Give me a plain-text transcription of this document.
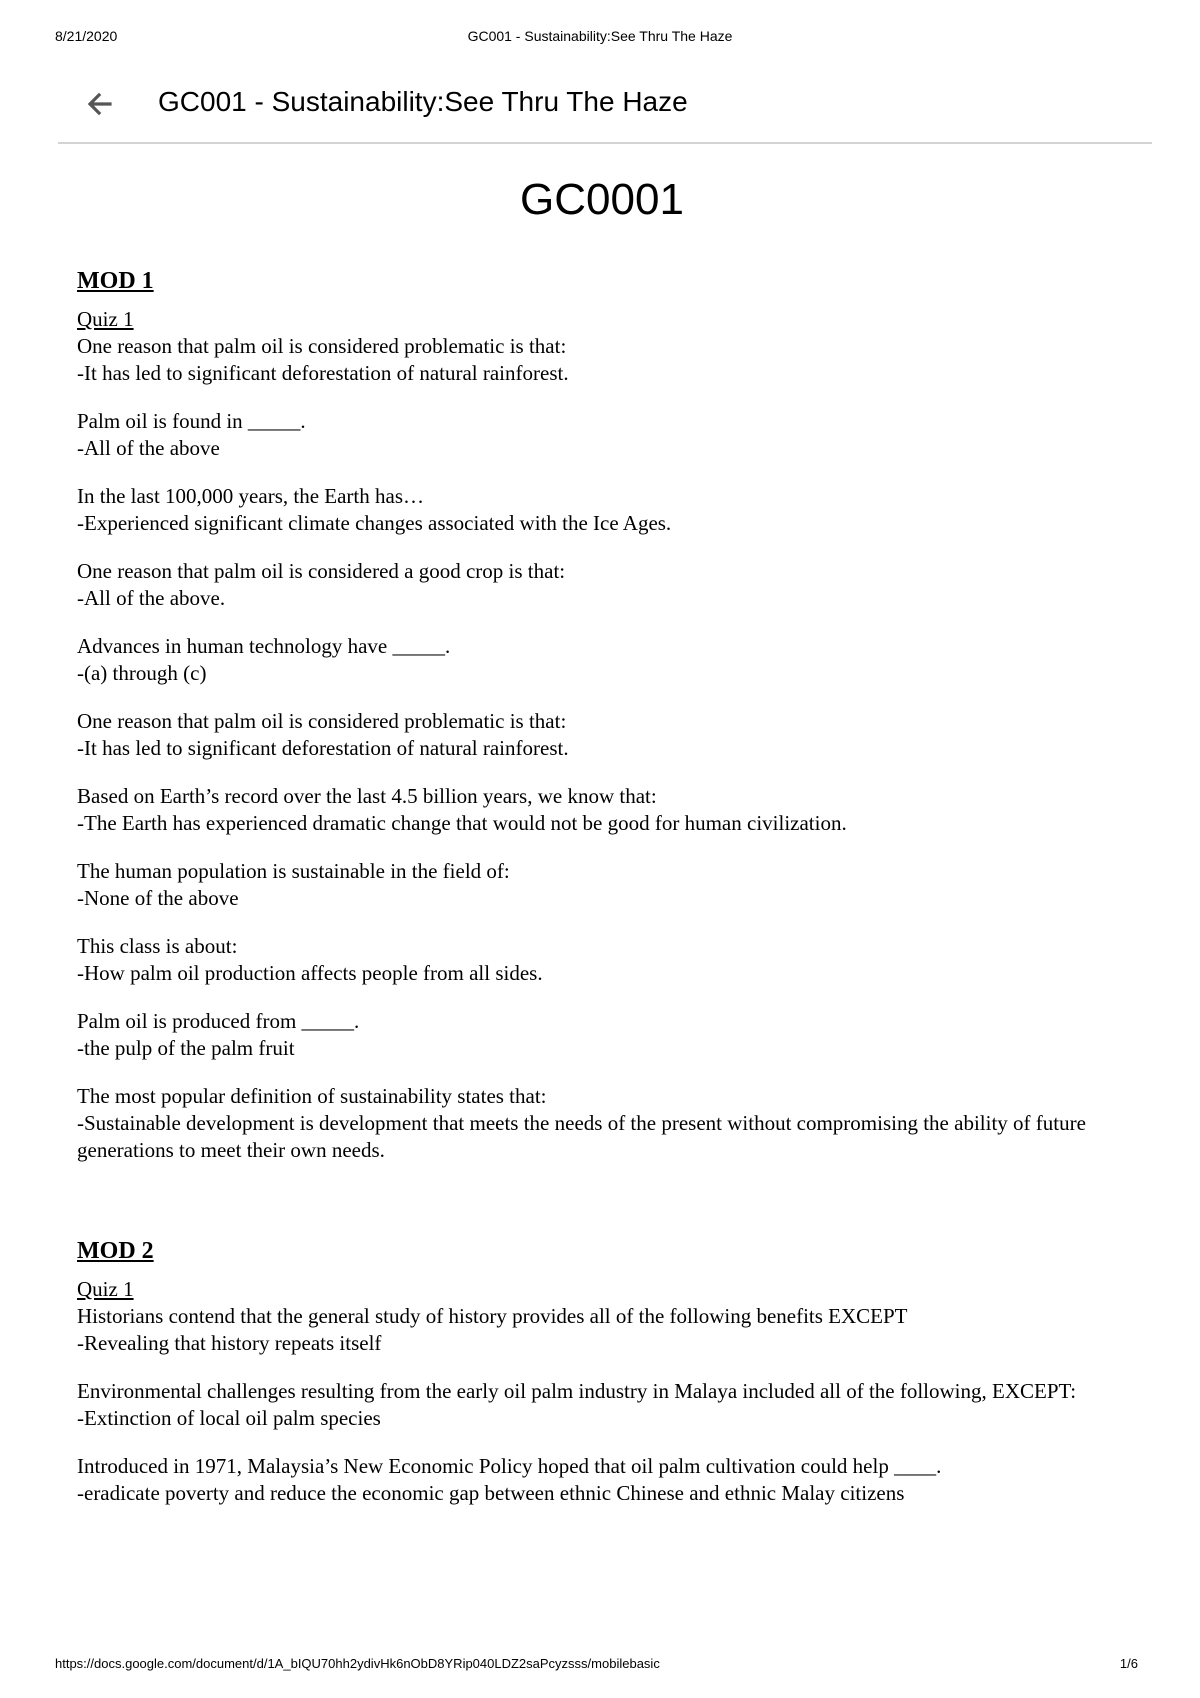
8/21/2020	GC001 - Sustainability:See Thru The Haze
GC001 - Sustainability:See Thru The Haze
GC0001
MOD 1

Quiz 1

One reason that palm oil is considered problematic is that:

-It has led to significant deforestation of natural rainforest.

Palm oil is found in _____.

-All of the above

In the last 100,000 years, the Earth has…

-Experienced significant climate changes associated with the Ice Ages.

One reason that palm oil is considered a good crop is that:

-All of the above.

Advances in human technology have _____.

-(a) through (c)

One reason that palm oil is considered problematic is that:

-It has led to significant deforestation of natural rainforest.

Based on Earth’s record over the last 4.5 billion years, we know that:

-The Earth has experienced dramatic change that would not be good for human civilization.

The human population is sustainable in the field of:

-None of the above

This class is about:

-How palm oil production affects people from all sides.

Palm oil is produced from _____.

-the pulp of the palm fruit

The most popular definition of sustainability states that:

-Sustainable development is development that meets the needs of the present without compromising the ability of future generations to meet their own needs.

MOD 2

Quiz 1

Historians contend that the general study of history provides all of the following benefits EXCEPT

-Revealing that history repeats itself

Environmental challenges resulting from the early oil palm industry in Malaya included all of the following, EXCEPT:

-Extinction of local oil palm species

Introduced in 1971, Malaysia’s New Economic Policy hoped that oil palm cultivation could help ____.

-eradicate poverty and reduce the economic gap between ethnic Chinese and ethnic Malay citizens

https://docs.google.com/document/d/1A_bIQU70hh2ydivHk6nObD8YRip040LDZ2saPcyzsss/mobilebasic	1/6
